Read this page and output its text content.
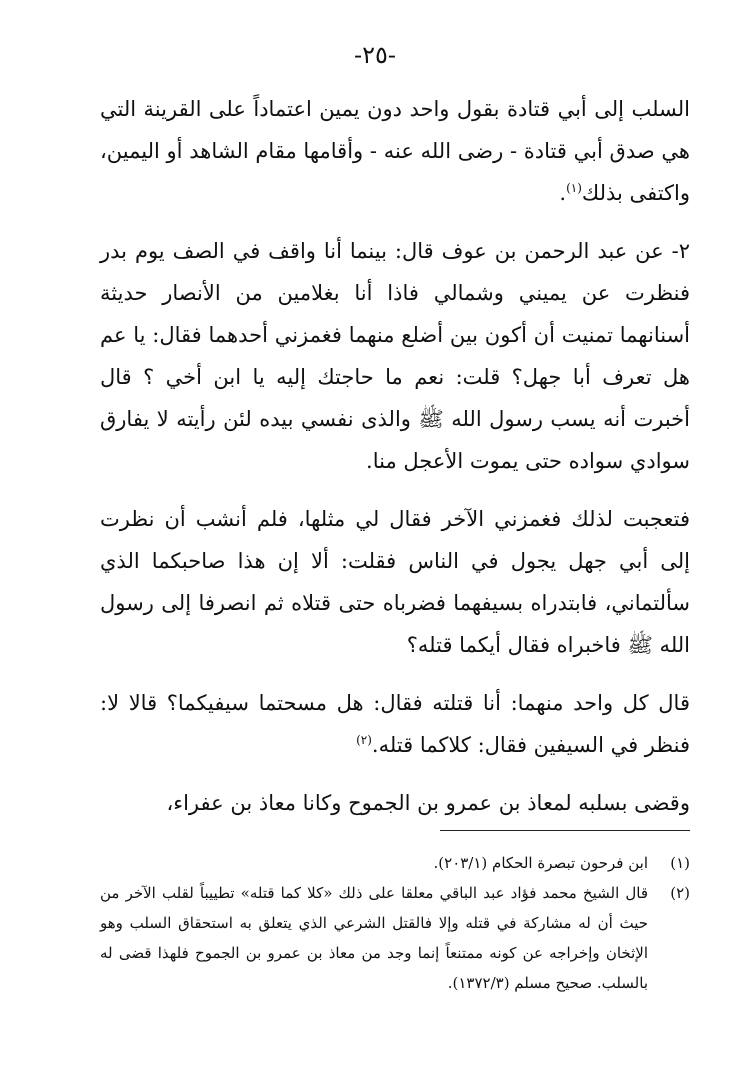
-٢٥-

السلب إلى أبي قتادة بقول واحد دون يمين اعتماداً على القرينة التي هي صدق أبي قتادة - رضى الله عنه - وأقامها مقام الشاهد أو اليمين، واكتفى بذلك$^{(١)}$.

٢- عن عبد الرحمن بن عوف قال: بينما أنا واقف في الصف يوم بدر فنظرت عن يميني وشمالي فاذا أنا بغلامين من الأنصار حديثة أسنانهما تمنيت أن أكون بين أضلع منهما فغمزني أحدهما فقال: يا عم هل تعرف أبا جهل؟ قلت: نعم ما حاجتك إليه يا ابن أخي ؟ قال أخبرت أنه يسب رسول الله ﷺ والذى نفسي بيده لئن رأيته لا يفارق سوادي سواده حتى يموت الأعجل منا.

فتعجبت لذلك فغمزني الآخر فقال لي مثلها، فلم أنشب أن نظرت إلى أبي جهل يجول في الناس فقلت: ألا إن هذا صاحبكما الذي سألتماني، فابتدراه بسيفهما فضرباه حتى قتلاه ثم انصرفا إلى رسول الله ﷺ فاخبراه فقال أيكما قتله؟

قال كل واحد منهما: أنا قتلته فقال: هل مسحتما سيفيكما؟ قالا لا: فنظر في السيفين فقال: كلاكما قتله.$^{(٢)}$

وقضى بسلبه لمعاذ بن عمرو بن الجموح وكانا معاذ بن عفراء،

(١)
ابن فرحون تبصرة الحكام (٢٠٣/١).
(٢)
قال الشيخ محمد فؤاد عبد الباقي معلقا على ذلك «كلا كما قتله» تطييباً لقلب الآخر من حيث أن له مشاركة في قتله وإلا فالقتل الشرعي الذي يتعلق به استحقاق السلب وهو الإثخان وإخراجه عن كونه ممتنعاً إنما وجد من معاذ بن عمرو بن الجموح فلهذا قضى له بالسلب. صحيح مسلم (١٣٧٢/٣).
